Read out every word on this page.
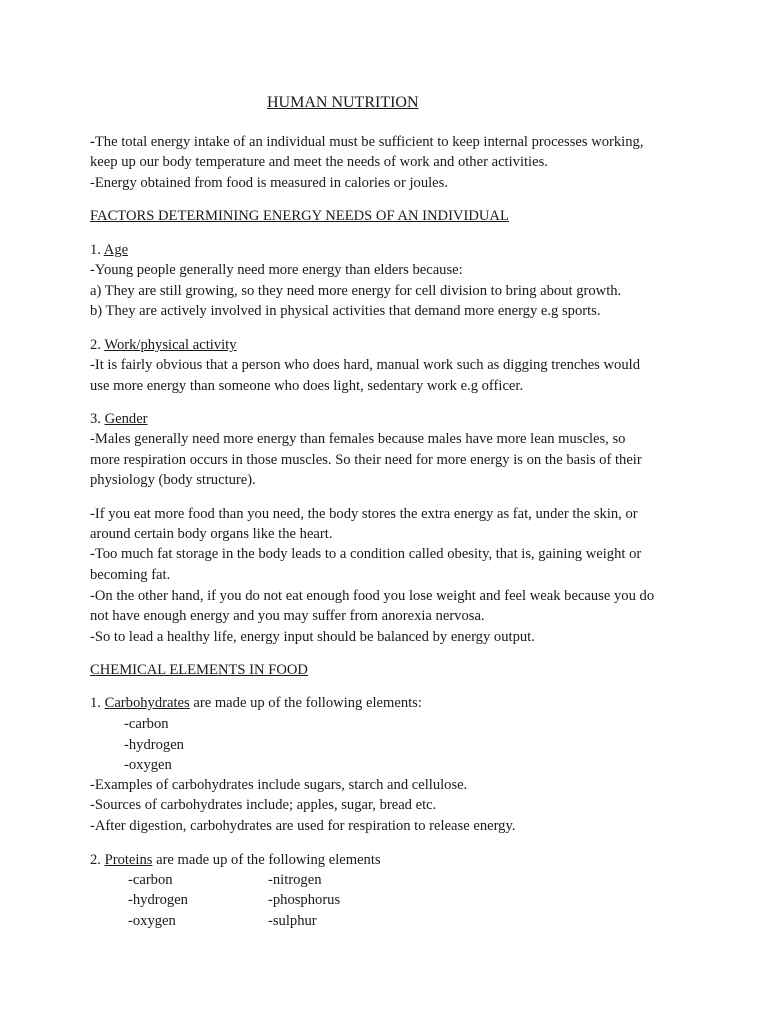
HUMAN NUTRITION
-The total energy intake of an individual must be sufficient to keep internal processes working,
keep up our body temperature and meet the needs of work and other activities.
-Energy obtained from food is measured in calories or joules.
FACTORS DETERMINING ENERGY NEEDS OF AN INDIVIDUAL
1. Age
-Young people generally need more energy than elders because:
a) They are still growing, so they need more energy for cell division to bring about growth.
b) They are actively involved in physical activities that demand more energy e.g sports.
2. Work/physical activity
-It is fairly obvious that a person who does hard, manual work such as digging trenches would
use more energy than someone who does light, sedentary work e.g officer.
3. Gender
-Males generally need more energy than females because males have more lean muscles, so
more respiration occurs in those muscles. So their need for more energy is on the basis of their
physiology (body structure).
-If you eat more food than you need, the body stores the extra energy as fat, under the skin, or
around certain body organs like the heart.
-Too much fat storage in the body leads to a condition called obesity, that is, gaining weight or
becoming fat.
-On the other hand, if you do not eat enough food you lose weight and feel weak because you do
not have enough energy and you may suffer from anorexia nervosa.
-So to lead a healthy life, energy input should be balanced by energy output.
CHEMICAL ELEMENTS IN FOOD
1. Carbohydrates are made up of the following elements:
-carbon
-hydrogen
-oxygen
-Examples of carbohydrates include sugars, starch and cellulose.
-Sources of carbohydrates include; apples, sugar, bread etc.
-After digestion, carbohydrates are used for respiration to release energy.
2. Proteins are made up of the following elements
-carbon
-hydrogen
-oxygen
-nitrogen
-phosphorus
-sulphur
